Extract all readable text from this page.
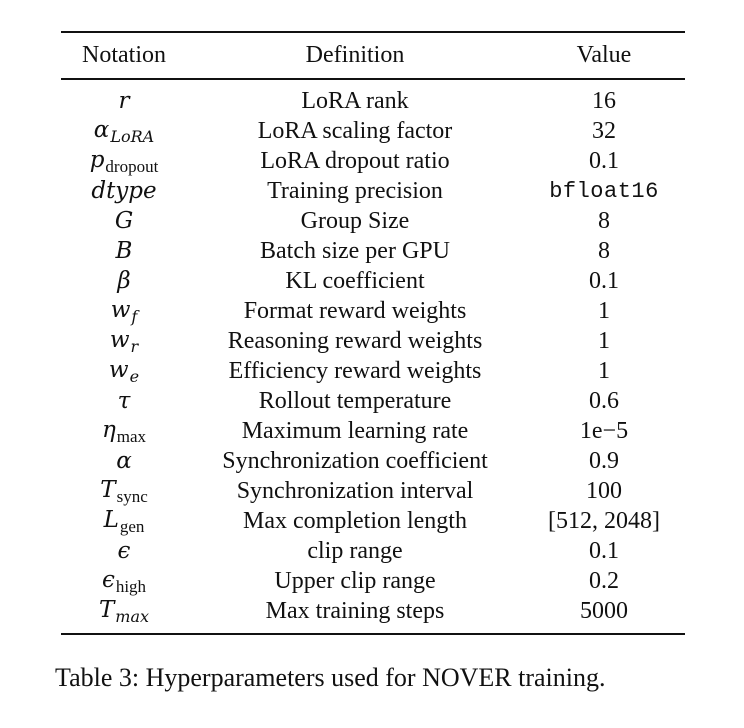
Notation	Definition	Value

r	LoRA rank	16
$\alpha_{LoRA}$	LoRA scaling factor	32
$p_{dropout}$	LoRA dropout ratio	0.1
dtype	Training precision	bfloat16
G	Group Size	8
B	Batch size per GPU	8
β	KL coefficient	0.1
$w_f$	Format reward weights	1
$w_r$	Reasoning reward weights	1
$w_e$	Efficiency reward weights	1
τ	Rollout temperature	0.6
$\eta_{max}$	Maximum learning rate	1e−5
α	Synchronization coefficient	0.9
$T_{sync}$	Synchronization interval	100
$L_{gen}$	Max completion length	[512, 2048]
ϵ	clip range	0.1
$\epsilon_{high}$	Upper clip range	0.2
$T_{max}$	Max training steps	5000

Table 3: Hyperparameters used for NOVER training.
